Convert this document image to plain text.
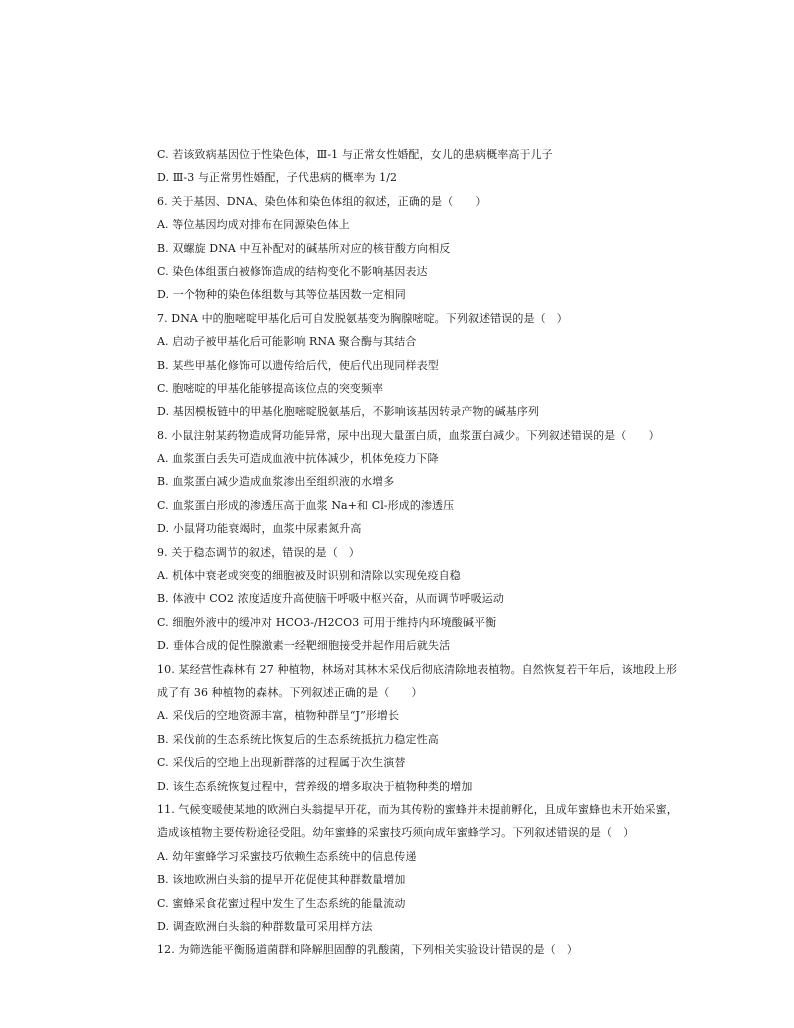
C. 若该致病基因位于性染色体，Ⅲ-1 与正常女性婚配，女儿的患病概率高于儿子
D. Ⅲ-3 与正常男性婚配，子代患病的概率为 1/2
6. 关于基因、DNA、染色体和染色体组的叙述，正确的是（　　）
A. 等位基因均成对排布在同源染色体上
B. 双螺旋 DNA 中互补配对的碱基所对应的核苷酸方向相反
C. 染色体组蛋白被修饰造成的结构变化不影响基因表达
D. 一个物种的染色体组数与其等位基因数一定相同
7. DNA 中的胞嘧啶甲基化后可自发脱氨基变为胸腺嘧啶。下列叙述错误的是（　）
A. 启动子被甲基化后可能影响 RNA 聚合酶与其结合
B. 某些甲基化修饰可以遗传给后代，使后代出现同样表型
C. 胞嘧啶的甲基化能够提高该位点的突变频率
D. 基因模板链中的甲基化胞嘧啶脱氨基后，不影响该基因转录产物的碱基序列
8. 小鼠注射某药物造成肾功能异常，尿中出现大量蛋白质，血浆蛋白减少。下列叙述错误的是（　　）
A. 血浆蛋白丢失可造成血液中抗体减少，机体免疫力下降
B. 血浆蛋白减少造成血浆渗出至组织液的水增多
C. 血浆蛋白形成的渗透压高于血浆 Na+和 Cl-形成的渗透压
D. 小鼠肾功能衰竭时，血浆中尿素氮升高
9. 关于稳态调节的叙述，错误的是（　）
A. 机体中衰老或突变的细胞被及时识别和清除以实现免疫自稳
B. 体液中 CO2 浓度适度升高使脑干呼吸中枢兴奋，从而调节呼吸运动
C. 细胞外液中的缓冲对 HCO3-/H2CO3 可用于维持内环境酸碱平衡
D. 垂体合成的促性腺激素一经靶细胞接受并起作用后就失活
10. 某经营性森林有 27 种植物，林场对其林木采伐后彻底清除地表植物。自然恢复若干年后，该地段上形
成了有 36 种植物的森林。下列叙述正确的是（　　）
A. 采伐后的空地资源丰富，植物种群呈“J”形增长
B. 采伐前的生态系统比恢复后的生态系统抵抗力稳定性高
C. 采伐后的空地上出现新群落的过程属于次生演替
D. 该生态系统恢复过程中，营养级的增多取决于植物种类的增加
11. 气候变暖使某地的欧洲白头翁提早开花，而为其传粉的蜜蜂并未提前孵化，且成年蜜蜂也未开始采蜜，
造成该植物主要传粉途径受阻。幼年蜜蜂的采蜜技巧须向成年蜜蜂学习。下列叙述错误的是（　）
A. 幼年蜜蜂学习采蜜技巧依赖生态系统中的信息传递
B. 该地欧洲白头翁的提早开花促使其种群数量增加
C. 蜜蜂采食花蜜过程中发生了生态系统的能量流动
D. 调查欧洲白头翁的种群数量可采用样方法
12. 为筛选能平衡肠道菌群和降解胆固醇的乳酸菌，下列相关实验设计错误的是（　）
